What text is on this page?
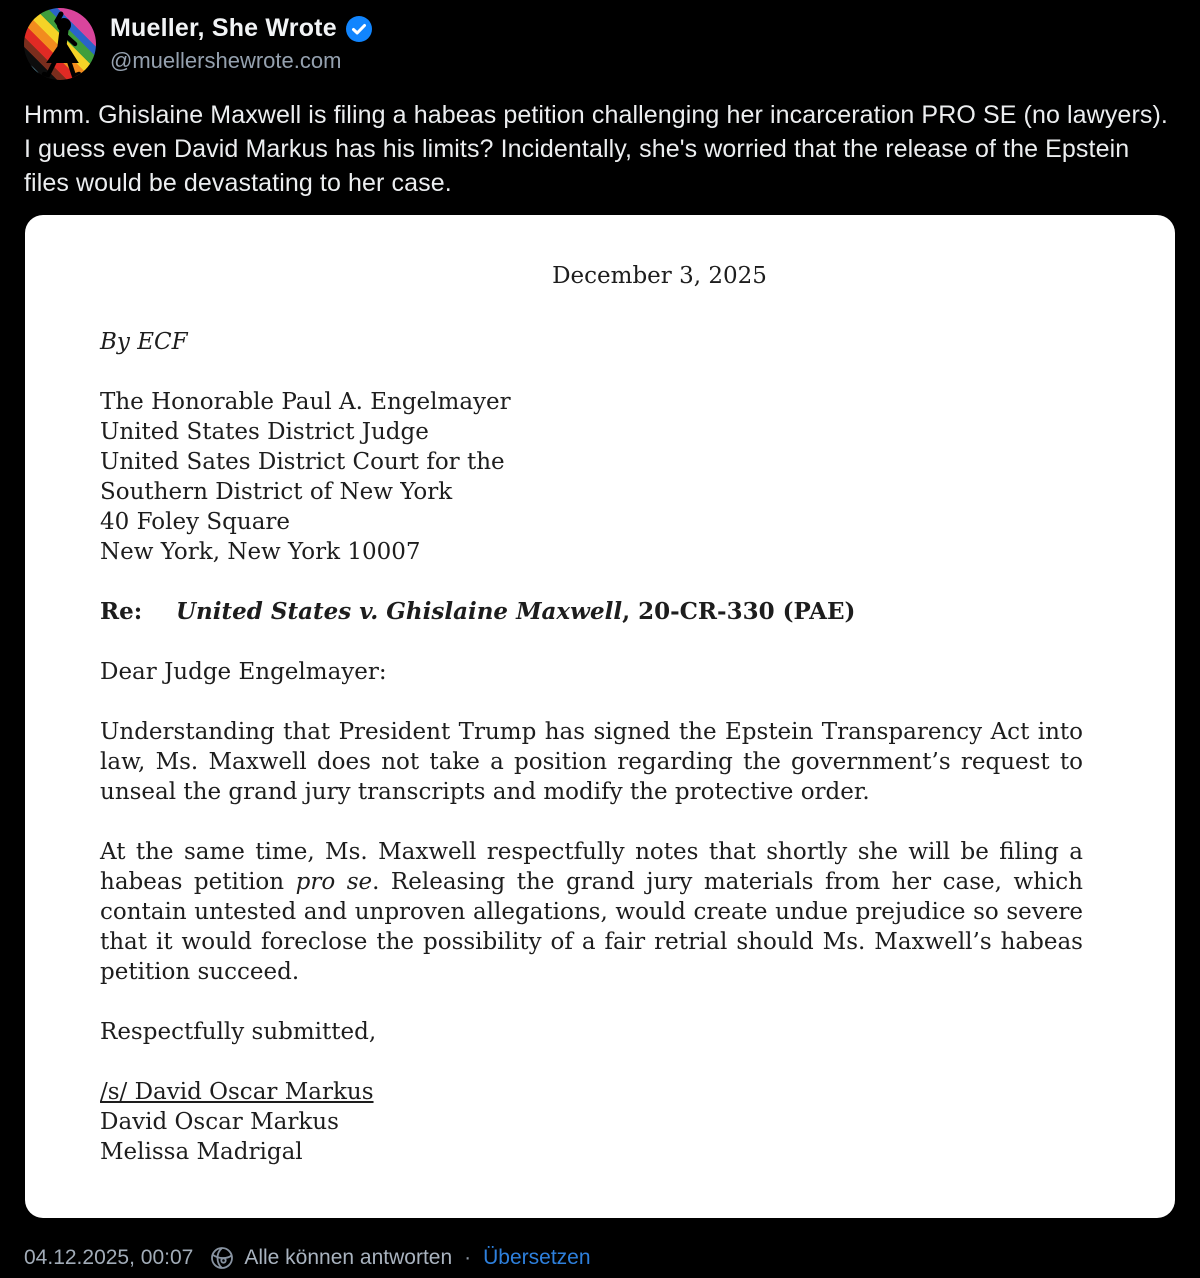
Mueller, She Wrote
@muellershewrote.com
Hmm. Ghislaine Maxwell is filing a habeas petition challenging her incarceration PRO SE (no lawyers). I guess even David Markus has his limits? Incidentally, she's worried that the release of the Epstein files would be devastating to her case.
December 3, 2025
By ECF
The Honorable Paul A. Engelmayer
United States District Judge
United Sates District Court for the
Southern District of New York
40 Foley Square
New York, New York 10007
Re:	United States v. Ghislaine Maxwell, 20-CR-330 (PAE)
Dear Judge Engelmayer:
Understanding that President Trump has signed the Epstein Transparency Act into law, Ms. Maxwell does not take a position regarding the government’s request to unseal the grand jury transcripts and modify the protective order.
At the same time, Ms. Maxwell respectfully notes that shortly she will be filing a habeas petition pro se. Releasing the grand jury materials from her case, which contain untested and unproven allegations, would create undue prejudice so severe that it would foreclose the possibility of a fair retrial should Ms. Maxwell’s habeas petition succeed.
Respectfully submitted,
/s/ David Oscar Markus
David Oscar Markus
Melissa Madrigal
04.12.2025, 00:07 Alle können antworten · Übersetzen
